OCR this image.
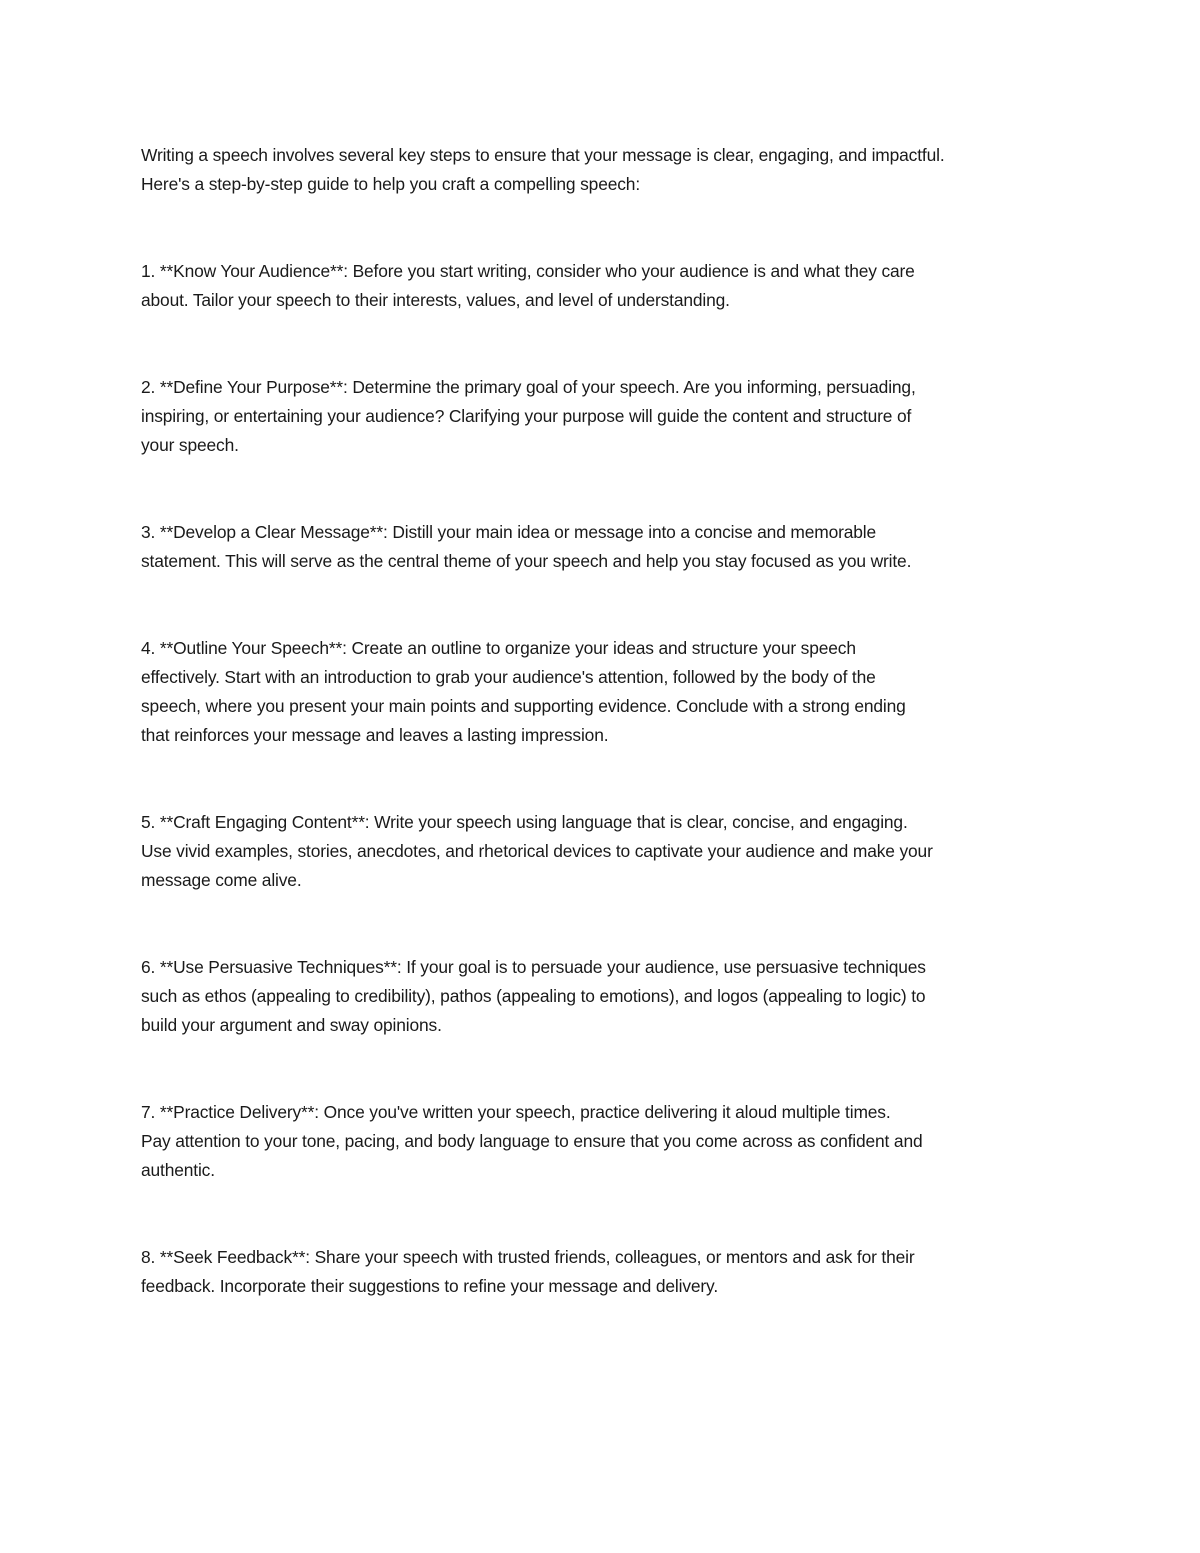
Writing a speech involves several key steps to ensure that your message is clear, engaging, and impactful.
Here's a step-by-step guide to help you craft a compelling speech:

1. **Know Your Audience**: Before you start writing, consider who your audience is and what they care
about. Tailor your speech to their interests, values, and level of understanding.

2. **Define Your Purpose**: Determine the primary goal of your speech. Are you informing, persuading,
inspiring, or entertaining your audience? Clarifying your purpose will guide the content and structure of
your speech.

3. **Develop a Clear Message**: Distill your main idea or message into a concise and memorable
statement. This will serve as the central theme of your speech and help you stay focused as you write.

4. **Outline Your Speech**: Create an outline to organize your ideas and structure your speech
effectively. Start with an introduction to grab your audience's attention, followed by the body of the
speech, where you present your main points and supporting evidence. Conclude with a strong ending
that reinforces your message and leaves a lasting impression.

5. **Craft Engaging Content**: Write your speech using language that is clear, concise, and engaging.
Use vivid examples, stories, anecdotes, and rhetorical devices to captivate your audience and make your
message come alive.

6. **Use Persuasive Techniques**: If your goal is to persuade your audience, use persuasive techniques
such as ethos (appealing to credibility), pathos (appealing to emotions), and logos (appealing to logic) to
build your argument and sway opinions.

7. **Practice Delivery**: Once you've written your speech, practice delivering it aloud multiple times.
Pay attention to your tone, pacing, and body language to ensure that you come across as confident and
authentic.

8. **Seek Feedback**: Share your speech with trusted friends, colleagues, or mentors and ask for their
feedback. Incorporate their suggestions to refine your message and delivery.
